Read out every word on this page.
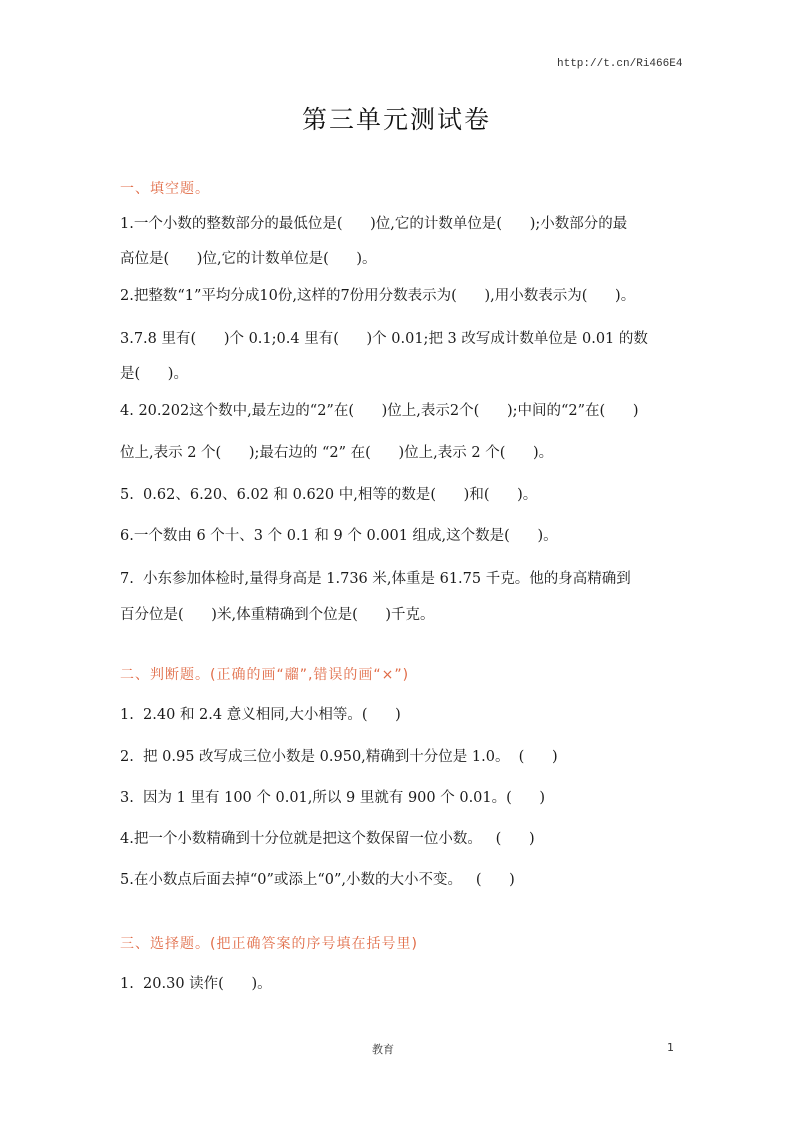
http://t.cn/Ri466E4
第三单元测试卷
一、填空题。
1.一个小数的整数部分的最低位是(      )位,它的计数单位是(      );小数部分的最
高位是(      )位,它的计数单位是(      )。
2.把整数“1”平均分成10份,这样的7份用分数表示为(      ),用小数表示为(      )。
3.7.8 里有(      )个 0.1;0.4 里有(      )个 0.01;把 3 改写成计数单位是 0.01 的数
是(      )。
4. 20.202这个数中,最左边的“2”在(      )位上,表示2个(      );中间的“2”在(      )
位上,表示 2 个(      );最右边的 “2” 在(      )位上,表示 2 个(      )。
5.  0.62、6.20、6.02 和 0.620 中,相等的数是(      )和(      )。
6.一个数由 6 个十、3 个 0.1 和 9 个 0.001 组成,这个数是(      )。
7.  小东参加体检时,量得身高是 1.736 米,体重是 61.75 千克。他的身高精确到
百分位是(      )米,体重精确到个位是(      )千克。
二、判断题。(正确的画“鬸”,错误的画“×”)
1.  2.40 和 2.4 意义相同,大小相等。(      )
2.  把 0.95 改写成三位小数是 0.950,精确到十分位是 1.0。  (      )
3.  因为 1 里有 100 个 0.01,所以 9 里就有 900 个 0.01。(      )
4.把一个小数精确到十分位就是把这个数保留一位小数。   (      )
5.在小数点后面去掉“0”或添上“0”,小数的大小不变。   (      )
三、选择题。(把正确答案的序号填在括号里)
1.  20.30 读作(      )。
教育	1
